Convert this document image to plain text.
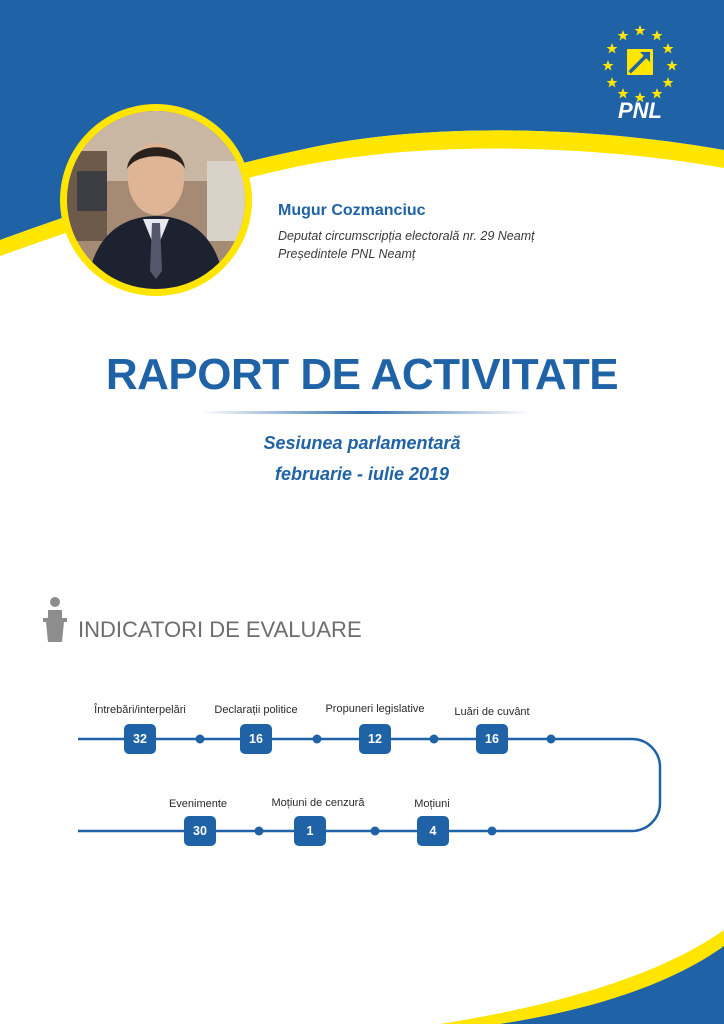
PNL
Mugur Cozmanciuc
Deputat circumscripția electorală nr. 29 Neamț
Președintele PNL Neamț
RAPORT DE ACTIVITATE
Sesiunea parlamentară
februarie - iulie 2019
INDICATORI DE EVALUARE
Întrebări/interpelări
32
Declarații politice
16
Propuneri legislative
12
Luări de cuvânt
16
Evenimente
30
Moțiuni de cenzură
1
Moțiuni
4
